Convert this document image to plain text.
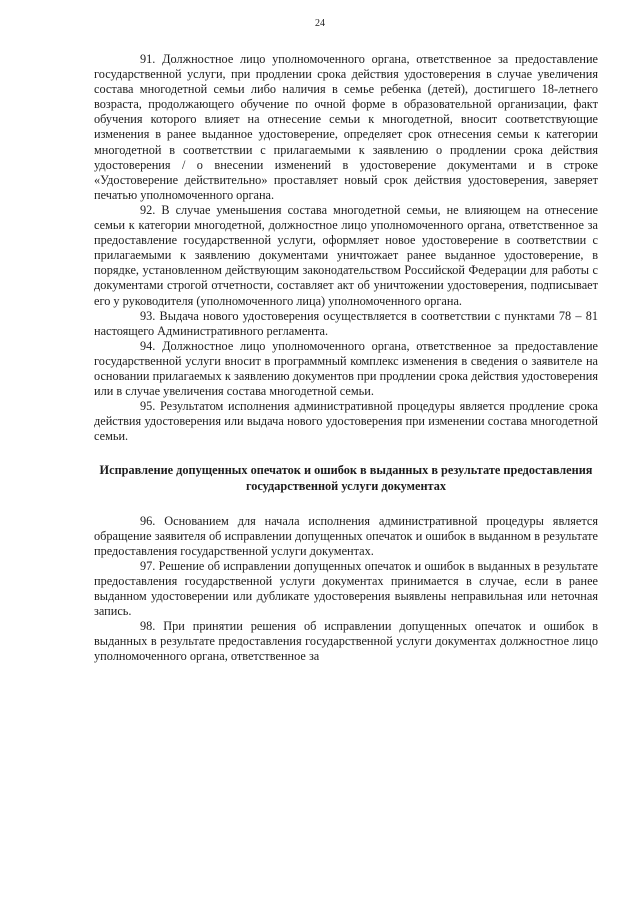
24

91. Должностное лицо уполномоченного органа, ответственное за предоставление государственной услуги, при продлении срока действия удостоверения в случае увеличения состава многодетной семьи либо наличия в семье ребенка (детей), достигшего 18-летнего возраста, продолжающего обучение по очной форме в образовательной организации, факт обучения которого влияет на отнесение семьи к многодетной, вносит соответствующие изменения в ранее выданное удостоверение, определяет срок отнесения семьи к категории многодетной в соответствии с прилагаемыми к заявлению о продлении срока действия удостоверения / о внесении изменений в удостоверение документами и в строке «Удостоверение действительно» проставляет новый срок действия удостоверения, заверяет печатью уполномоченного органа.

92. В случае уменьшения состава многодетной семьи, не влияющем на отнесение семьи к категории многодетной, должностное лицо уполномоченного органа, ответственное за предоставление государственной услуги, оформляет новое удостоверение в соответствии с прилагаемыми к заявлению документами уничтожает ранее выданное удостоверение, в порядке, установленном действующим законодательством Российской Федерации для работы с документами строгой отчетности, составляет акт об уничтожении удостоверения, подписывает его у руководителя (уполномоченного лица) уполномоченного органа.

93. Выдача нового удостоверения осуществляется в соответствии с пунктами 78 – 81 настоящего Административного регламента.

94. Должностное лицо уполномоченного органа, ответственное за предоставление государственной услуги вносит в программный комплекс изменения в сведения о заявителе на основании прилагаемых к заявлению документов при продлении срока действия удостоверения или в случае увеличения состава многодетной семьи.

95. Результатом исполнения административной процедуры является продление срока действия удостоверения или выдача нового удостоверения при изменении состава многодетной семьи.

Исправление допущенных опечаток и ошибок в выданных в результате предоставления государственной услуги документах

96. Основанием для начала исполнения административной процедуры является обращение заявителя об исправлении допущенных опечаток и ошибок в выданном в результате предоставления государственной услуги документах.

97. Решение об исправлении допущенных опечаток и ошибок в выданных в результате предоставления государственной услуги документах принимается в случае, если в ранее выданном удостоверении или дубликате удостоверения выявлены неправильная или неточная запись.

98. При принятии решения об исправлении допущенных опечаток и ошибок в выданных в результате предоставления государственной услуги документах должностное лицо уполномоченного органа, ответственное за
